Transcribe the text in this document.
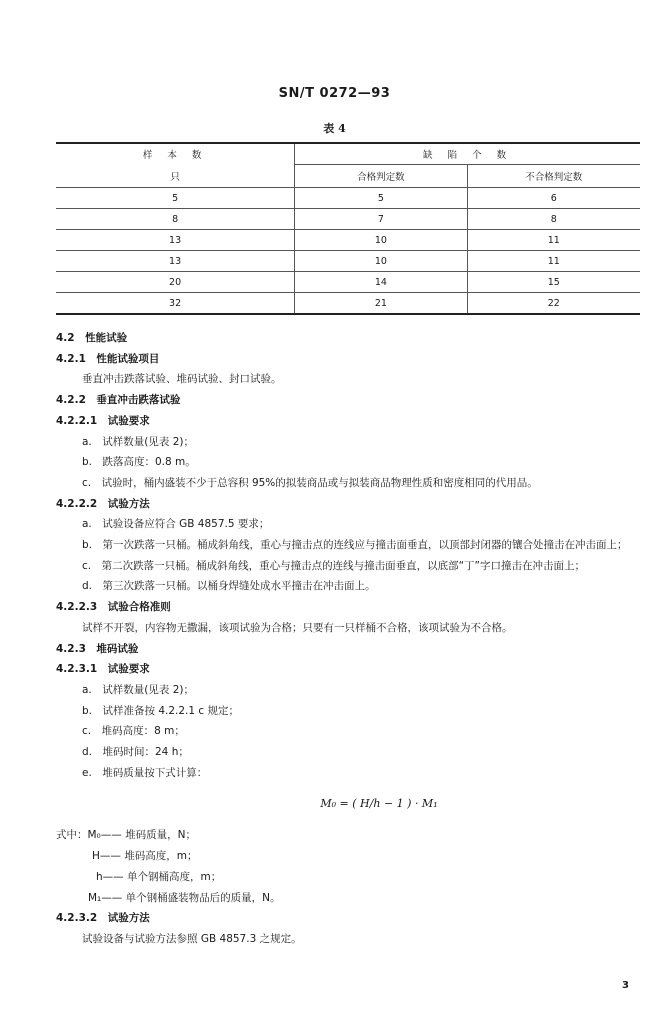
SN/T 0272—93
表 4
样 本 数	缺 陷 个 数	
只	合格判定数	不合格判定数
5	5	6
8	7	8
13	10	11
13	10	11
20	14	15
32	21	22

4.2　性能试验

4.2.1　性能试验项目

垂直冲击跌落试验、堆码试验、封口试验。

4.2.2　垂直冲击跌落试验

4.2.2.1　试验要求

a.　试样数量(见表 2)；

b.　跌落高度：0.8 m。

c.　试验时，桶内盛装不少于总容积 95%的拟装商品或与拟装商品物理性质和密度相同的代用品。

4.2.2.2　试验方法

a.　试验设备应符合 GB 4857.5 要求；

b.　第一次跌落一只桶。桶成斜角线，重心与撞击点的连线应与撞击面垂直，以顶部封闭器的镶合处撞击在冲击面上；

c.　第二次跌落一只桶。桶成斜角线，重心与撞击点的连线与撞击面垂直，以底部“丁”字口撞击在冲击面上；

d.　第三次跌落一只桶。以桶身焊缝处成水平撞击在冲击面上。

4.2.2.3　试验合格准则

试样不开裂，内容物无撒漏，该项试验为合格；只要有一只样桶不合格，该项试验为不合格。

4.2.3　堆码试验

4.2.3.1　试验要求

a.　试样数量(见表 2)；

b.　试样准备按 4.2.2.1 c 规定；

c.　堆码高度：8 m；

d.　堆码时间：24 h；

e.　堆码质量按下式计算：

M₀ = ( H/h − 1 ) · M₁

式中：M₀—— 堆码质量，N；

H—— 堆码高度，m；

h—— 单个钢桶高度，m；

M₁—— 单个钢桶盛装物品后的质量，N。

4.2.3.2　试验方法

试验设备与试验方法参照 GB 4857.3 之规定。

3
